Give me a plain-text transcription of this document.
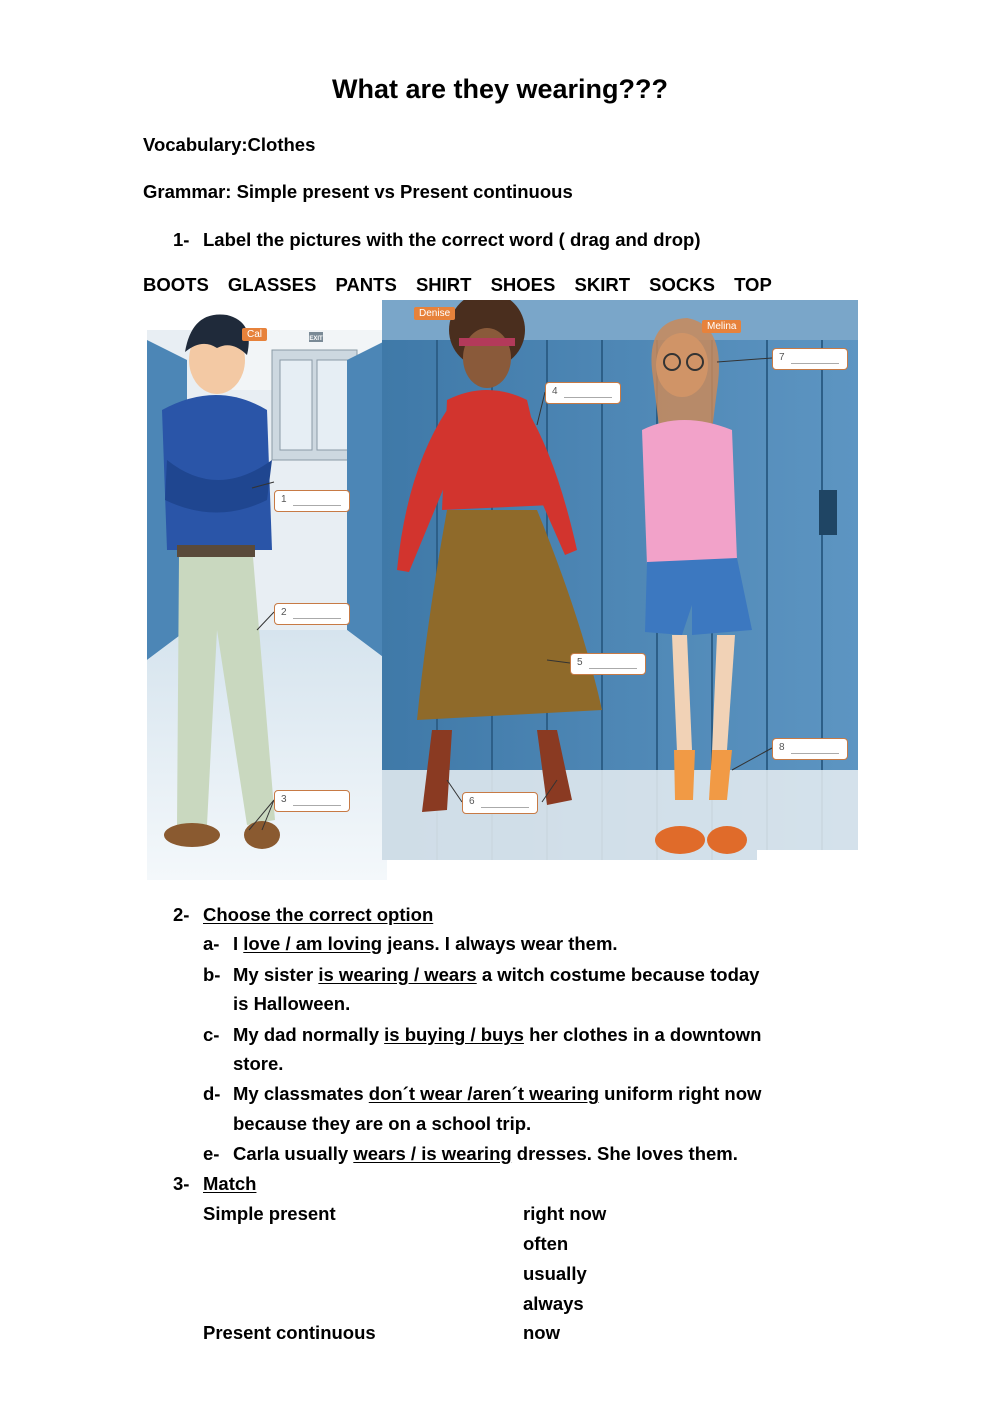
What are they wearing???
Vocabulary:Clothes
Grammar: Simple present vs Present continuous
1- Label the pictures with the correct word ( drag and drop)
BOOTS GLASSES PANTS SHIRT SHOES SKIRT SOCKS TOP
EXIT
Cal
Denise
Melina
1
2
3
4
5
6
7
8
2- Choose the correct option
a- I love / am loving jeans. I always wear them.
b- My sister is wearing / wears a witch costume because today
is Halloween.
c- My dad normally is buying / buys her clothes in a downtown
store.
d- My classmates don´t wear /aren´t wearing uniform right now
because they are on a school trip.
e- Carla usually wears / is wearing dresses. She loves them.
3- Match
Simple present
Present continuous
right now
often
usually
always
now
